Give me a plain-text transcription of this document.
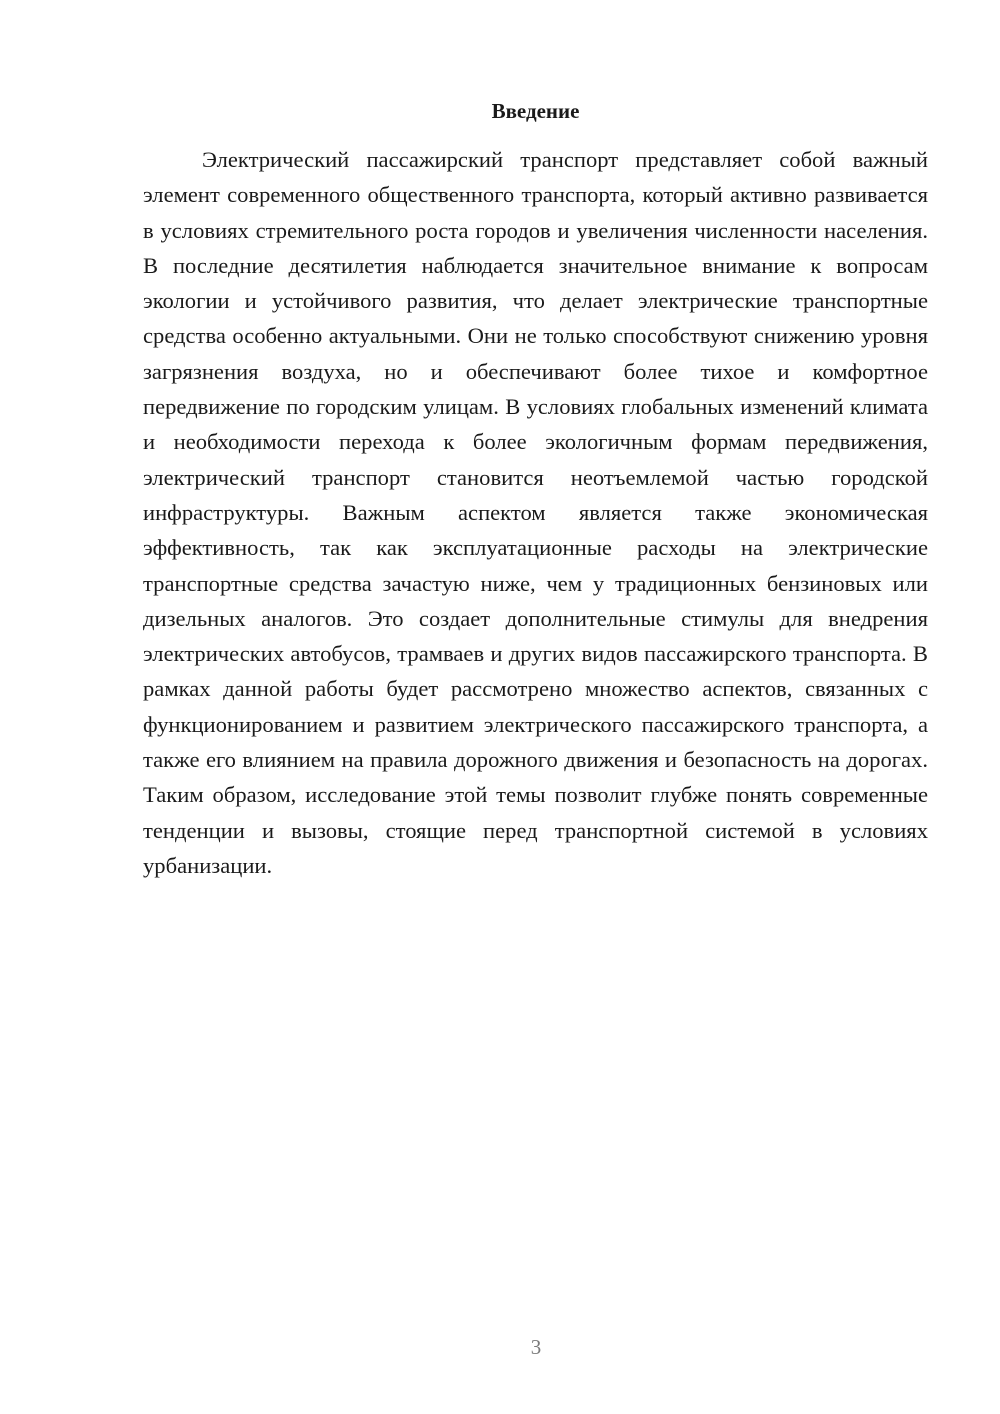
Введение

Электрический пассажирский транспорт представляет собой важный элемент современного общественного транспорта, который активно развивается в условиях стремительного роста городов и увеличения численности населения. В последние десятилетия наблюдается значительное внимание к вопросам экологии и устойчивого развития, что делает электрические транспортные средства особенно актуальными. Они не только способствуют снижению уровня загрязнения воздуха, но и обеспечивают более тихое и комфортное передвижение по городским улицам. В условиях глобальных изменений климата и необходимости перехода к более экологичным формам передвижения, электрический транспорт становится неотъемлемой частью городской инфраструктуры. Важным аспектом является также экономическая эффективность, так как эксплуатационные расходы на электрические транспортные средства зачастую ниже, чем у традиционных бензиновых или дизельных аналогов. Это создает дополнительные стимулы для внедрения электрических автобусов, трамваев и других видов пассажирского транспорта. В рамках данной работы будет рассмотрено множество аспектов, связанных с функционированием и развитием электрического пассажирского транспорта, а также его влиянием на правила дорожного движения и безопасность на дорогах. Таким образом, исследование этой темы позволит глубже понять современные тенденции и вызовы, стоящие перед транспортной системой в условиях урбанизации.

3
